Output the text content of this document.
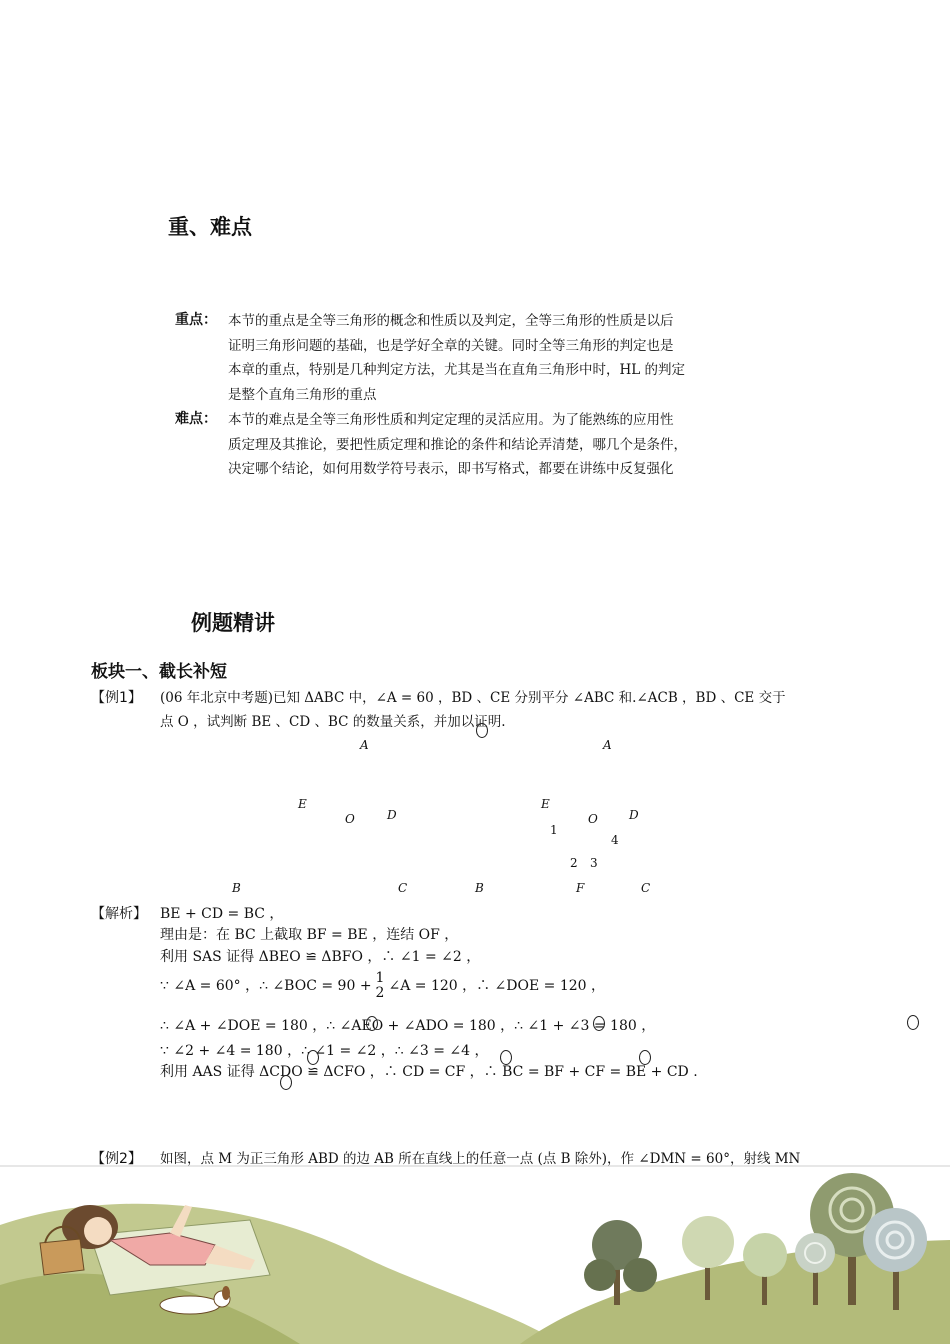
重、难点
重点： 本节的重点是全等三角形的概念和性质以及判定，全等三角形的性质是以后
证明三角形问题的基础，也是学好全章的关键。同时全等三角形的判定也是
本章的重点，特别是几种判定方法，尤其是当在直角三角形中时，HL 的判定
是整个直角三角形的重点
难点： 本节的难点是全等三角形性质和判定定理的灵活应用。为了能熟练的应用性
质定理及其推论，要把性质定理和推论的条件和结论弄清楚，哪几个是条件，
决定哪个结论，如何用数学符号表示，即书写格式，都要在讲练中反复强化
例题精讲
板块一、截长补短
【例1】 (06 年北京中考题)已知 ΔABC 中，∠A = 60 ，BD 、CE 分别平分 ∠ABC 和.∠ACB ，BD 、CE 交于
点 O ，试判断 BE 、CD 、BC 的数量关系，并加以证明.
A
E
O	D
B	C
A
E
O	D
1
4
2 3
B	F	C
【解析】 BE + CD = BC ，
理由是：在 BC 上截取 BF = BE ，连结 OF ，
利用 SAS 证得 ΔBEO ≌ ΔBFO ，∴ ∠1 = ∠2 ，
∵ ∠A = 60° ，∴ ∠BOC = 90 + 1
2 ∠A = 120 ，∴ ∠DOE = 120 ，
∴ ∠A + ∠DOE = 180 ，∴ ∠AEO + ∠ADO = 180 ，∴ ∠1 + ∠3 = 180 ，
∵ ∠2 + ∠4 = 180 ，∴ ∠1 = ∠2 ，∴ ∠3 = ∠4 ，
利用 AAS 证得 ΔCDO ≌ ΔCFO ，∴ CD = CF ，∴ BC = BF + CF = BE + CD .
【例2】 如图，点 M 为正三角形 ABD 的边 AB 所在直线上的任意一点 (点 B 除外)，作 ∠DMN = 60°，射线 MN
